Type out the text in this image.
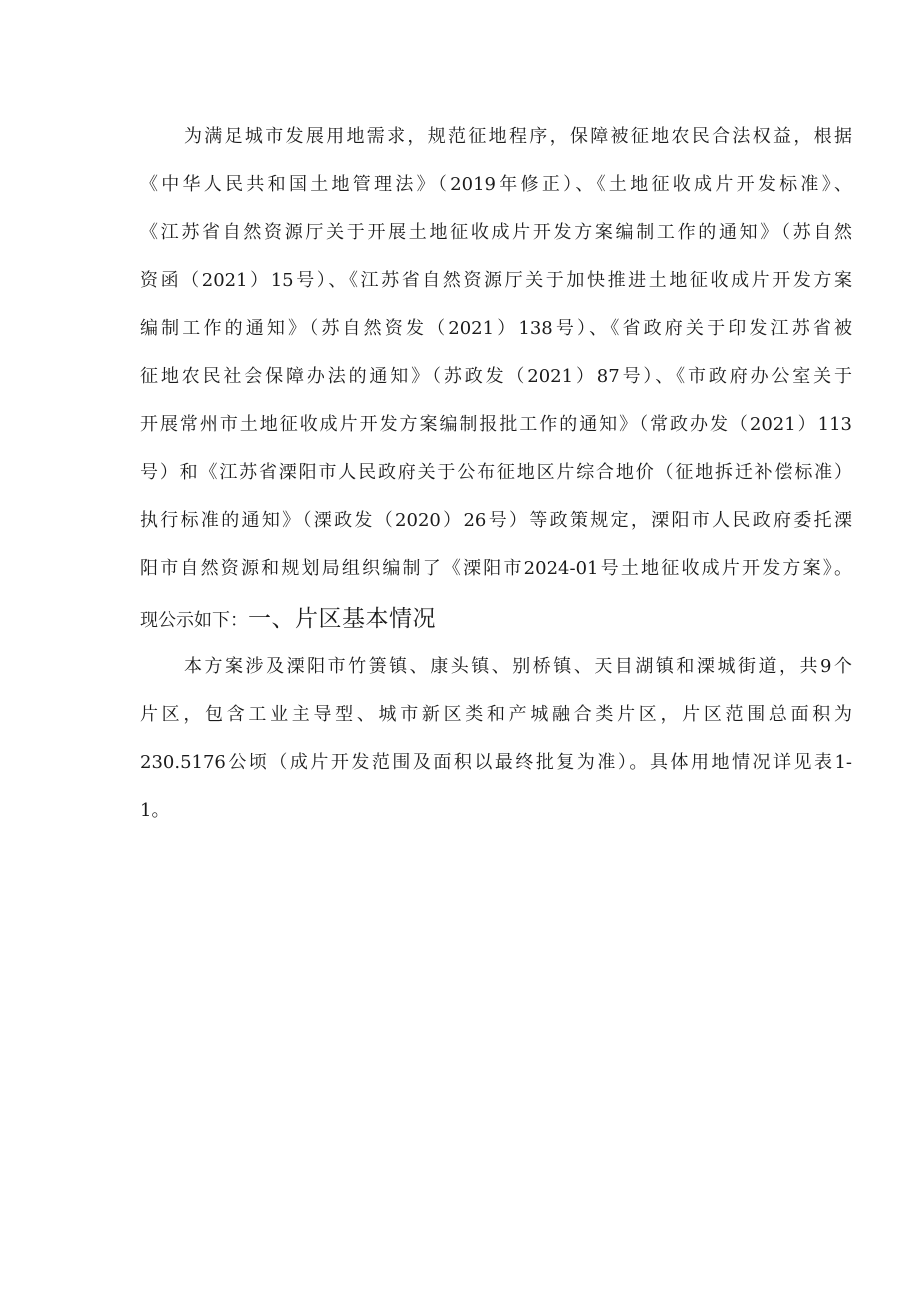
为满足城市发展用地需求，规范征地程序，保障被征地农民合法权益，根据
《中华人民共和国土地管理法》（2019年修正）、《土地征收成片开发标准》、
《江苏省自然资源厅关于开展土地征收成片开发方案编制工作的通知》（苏自然
资函（2021）15号）、《江苏省自然资源厅关于加快推进土地征收成片开发方案
编制工作的通知》（苏自然资发（2021）138号）、《省政府关于印发江苏省被
征地农民社会保障办法的通知》（苏政发（2021）87号）、《市政府办公室关于
开展常州市土地征收成片开发方案编制报批工作的通知》（常政办发（2021）113
号）和《江苏省溧阳市人民政府关于公布征地区片综合地价（征地拆迁补偿标准）
执行标准的通知》（溧政发（2020）26号）等政策规定，溧阳市人民政府委托溧
阳市自然资源和规划局组织编制了《溧阳市2024-01号土地征收成片开发方案》。
现公示如下：一、片区基本情况
本方案涉及溧阳市竹箦镇、康头镇、别桥镇、天目湖镇和溧城街道，共9个
片区，包含工业主导型、城市新区类和产城融合类片区，片区范围总面积为
230.5176公顷（成片开发范围及面积以最终批复为准）。具体用地情况详见表1-
1。
